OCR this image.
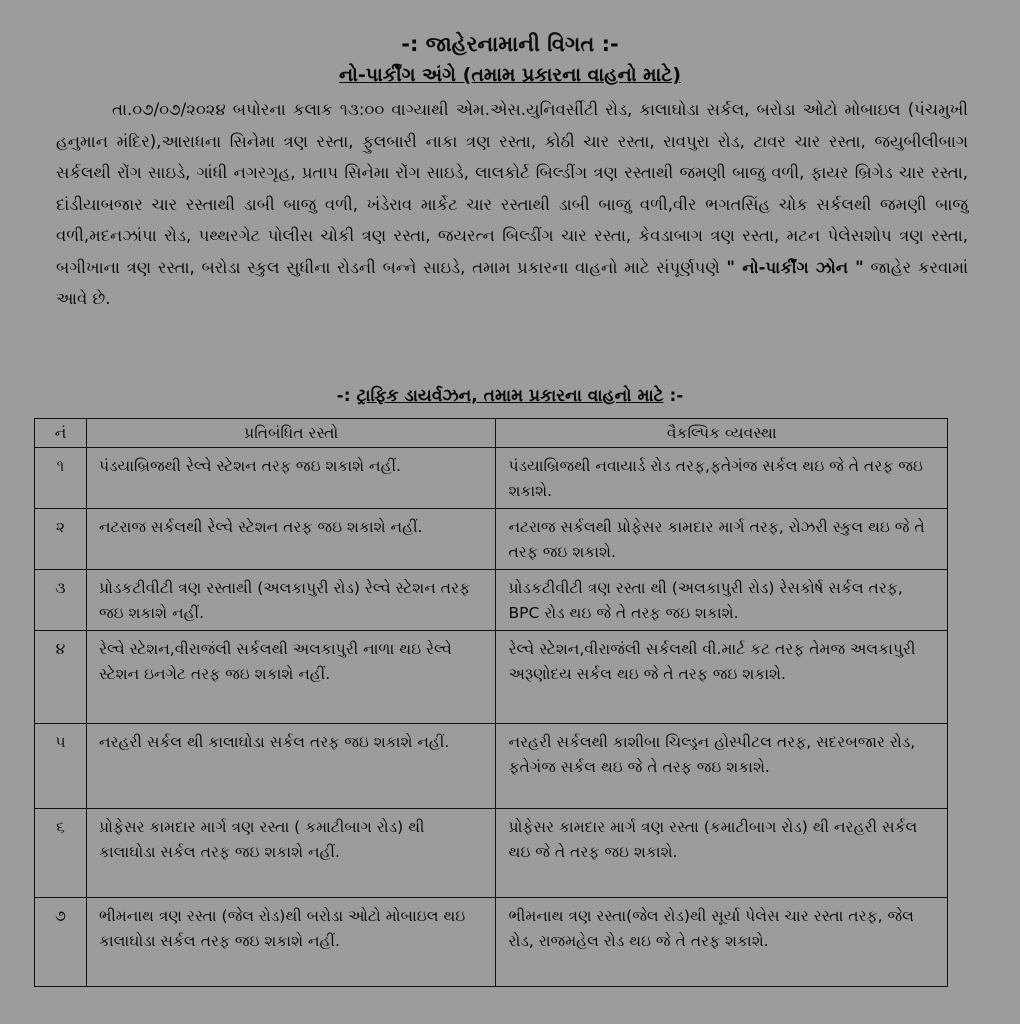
-: જાહેરનામાની વિગત :-
નો-પાર્કીંગ અંગે (તમામ પ્રકારના વાહનો માટે)

તા.૦૭/૦૭/૨૦૨૪ બપોરના કલાક ૧૩:૦૦ વાગ્યાથી એમ.એસ.યુનિવર્સીટી રોડ, કાલાઘોડા સર્કલ, બરોડા ઓટો મોબાઇલ (પંચમુખી હનુમાન મંદિર),આરાધના સિનેમા ત્રણ રસ્તા, ફુલબારી નાકા ત્રણ રસ્તા, કોઠી ચાર રસ્તા, રાવપુરા રોડ, ટાવર ચાર રસ્તા, જયુબીલીબાગ સર્કલથી રોંગ સાઇડે, ગાંધી નગરગૃહ, પ્રતાપ સિનેમા રોંગ સાઇડે, લાલકોર્ટ બિલ્ડીંગ ત્રણ રસ્તાથી જમણી બાજુ વળી, ફાયર બ્રિગેડ ચાર રસ્તા, દાંડીયાબજાર ચાર રસ્તાથી ડાબી બાજુ વળી, ખંડેરાવ માર્કેટ ચાર રસ્તાથી ડાબી બાજુ વળી,વીર ભગતસિંહ ચોક સર્કલથી જમણી બાજુ વળી,મદનઝાંપા રોડ, પથ્થરગેટ પોલીસ ચોકી ત્રણ રસ્તા, જયરત્ન બિલ્ડીંગ ચાર રસ્તા, કેવડાબાગ ત્રણ રસ્તા, મટન પેલેસશોપ ત્રણ રસ્તા, બગીખાના ત્રણ રસ્તા, બરોડા સ્કુલ સુધીના રોડની બન્ને સાઇડે, તમામ પ્રકારના વાહનો માટે સંપૂર્ણપણે " નો-પાર્કીંગ ઝોન " જાહેર કરવામાં આવે છે.

-: ટ્રાફિક ડાયર્વઝન, તમામ પ્રકારના વાહનો માટે :-
નં	પ્રતિબંધિત રસ્તો	વૈકલ્પિક વ્યવસ્થા
૧	પંડયાબ્રિજથી રેલ્વે સ્ટેશન તરફ જઇ શકાશે નહીં.	પંડયાબ્રિજથી નવાયાર્ડ રોડ તરફ,ફતેગંજ સર્કલ થઇ જે તે તરફ જઇ શકાશે.
૨	નટરાજ સર્કલથી રેલ્વે સ્ટેશન તરફ જઇ શકાશે નહીં.	નટરાજ સર્કલથી પ્રોફેસર કામદાર માર્ગ તરફ, રોઝરી સ્કુલ થઇ જે તે તરફ જઇ શકાશે.
૩	પ્રોડકટીવીટી ત્રણ રસ્તાથી (અલકાપુરી રોડ) રેલ્વે સ્ટેશન તરફ જઇ શકાશે નહીં.	પ્રોડકટીવીટી ત્રણ રસ્તા થી (અલકાપુરી રોડ) રેસકોર્ષ સર્કલ તરફ, BPC રોડ થઇ જે તે તરફ જઇ શકાશે.
૪	રેલ્વે સ્ટેશન,વીરાજંલી સર્કલથી અલકાપુરી નાળા થઇ રેલ્વે સ્ટેશન ઇનગેટ તરફ જઇ શકાશે નહીં.	રેલ્વે સ્ટેશન,વીરાજંલી સર્કલથી વી.માર્ટ કટ તરફ તેમજ અલકાપુરી અરૂણોદય સર્કલ થઇ જે તે તરફ જઇ શકાશે.
૫	નરહરી સર્કલ થી કાલાઘોડા સર્કલ તરફ જઇ શકાશે નહીં.	નરહરી સર્કલથી કાશીબા ચિલ્ડ્રન હોસ્પીટલ તરફ, સદરબજાર રોડ, ફતેગંજ સર્કલ થઇ જે તે તરફ જઇ શકાશે.
૬	પ્રોફેસર કામદાર માર્ગ ત્રણ રસ્તા ( કમાટીબાગ રોડ) થી કાલાઘોડા સર્કલ તરફ જઇ શકાશે નહીં.	પ્રોફેસર કામદાર માર્ગ ત્રણ રસ્તા (કમાટીબાગ રોડ) થી નરહરી સર્કલ થઇ જે તે તરફ જઇ શકાશે.
૭	ભીમનાથ ત્રણ રસ્તા (જેલ રોડ)થી બરોડા ઓટો મોબાઇલ થઇ કાલાઘોડા સર્કલ તરફ જઇ શકાશે નહીં.	ભીમનાથ ત્રણ રસ્તા(જેલ રોડ)થી સૂર્યા પેલેસ ચાર રસ્તા તરફ, જેલ રોડ, રાજમહેલ રોડ થઇ જે તે તરફ શકાશે.
